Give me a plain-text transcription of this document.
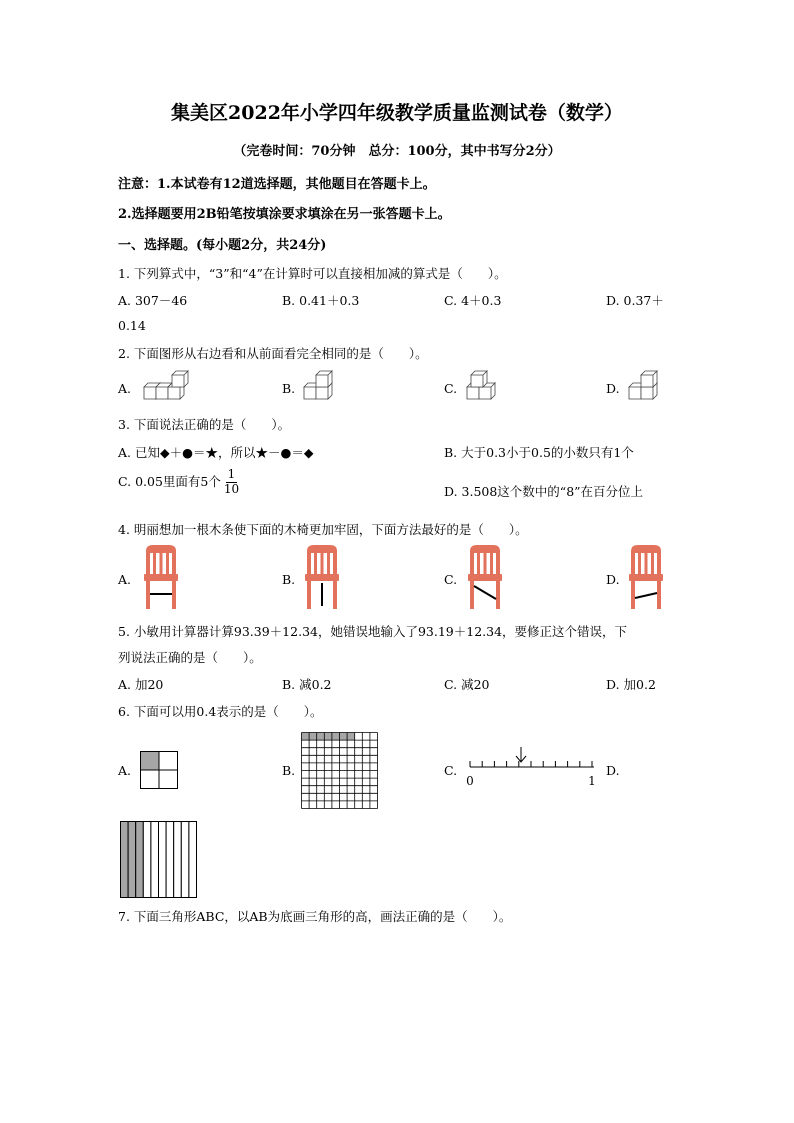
集美区2022年小学四年级教学质量监测试卷（数学）
（完卷时间：70分钟　总分：100分，其中书写分2分）
注意：1.本试卷有12道选择题，其他题目在答题卡上。
2.选择题要用2B铅笔按填涂要求填涂在另一张答题卡上。
一、选择题。(每小题2分，共24分)
1. 下列算式中，“3”和“4”在计算时可以直接相加减的算式是（　　）。
A. 307－46	B. 0.41＋0.3	C. 4＋0.3	D. 0.37＋
0.14
2. 下面图形从右边看和从前面看完全相同的是（　　）。
A.	B.	C.	D.
3. 下面说法正确的是（　　）。
A. 已知◆＋●＝★，所以★－●＝◆	B. 大于0.3小于0.5的小数只有1个
C. 0.05里面有5个 $\frac{1}{10}$	D. 3.508这个数中的“8”在百分位上
4. 明丽想加一根木条使下面的木椅更加牢固，下面方法最好的是（　　）。
A.	B.	C.	D.
5. 小敏用计算器计算93.39＋12.34，她错误地输入了93.19＋12.34，要修正这个错误，下
列说法正确的是（　　）。
A. 加20	B. 减0.2	C. 减20	D. 加0.2
6. 下面可以用0.4表示的是（　　）。
A.	B.	C.	D.
0	1
7. 下面三角形ABC，以AB为底画三角形的高，画法正确的是（　　）。
